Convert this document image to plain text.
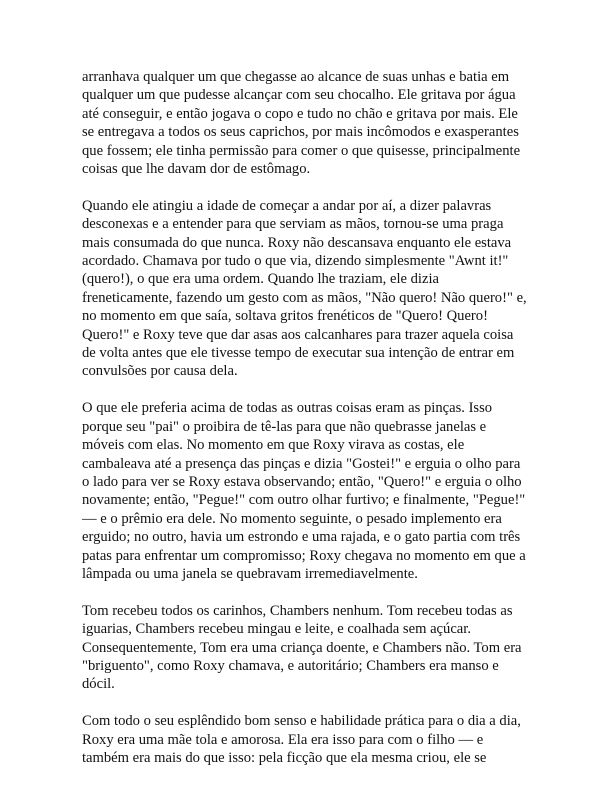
arranhava qualquer um que chegasse ao alcance de suas unhas e batia em
qualquer um que pudesse alcançar com seu chocalho. Ele gritava por água
até conseguir, e então jogava o copo e tudo no chão e gritava por mais. Ele
se entregava a todos os seus caprichos, por mais incômodos e exasperantes
que fossem; ele tinha permissão para comer o que quisesse, principalmente
coisas que lhe davam dor de estômago.

Quando ele atingiu a idade de começar a andar por aí, a dizer palavras
desconexas e a entender para que serviam as mãos, tornou-se uma praga
mais consumada do que nunca. Roxy não descansava enquanto ele estava
acordado. Chamava por tudo o que via, dizendo simplesmente "Awnt it!"
(quero!), o que era uma ordem. Quando lhe traziam, ele dizia
freneticamente, fazendo um gesto com as mãos, "Não quero! Não quero!" e,
no momento em que saía, soltava gritos frenéticos de "Quero! Quero!
Quero!" e Roxy teve que dar asas aos calcanhares para trazer aquela coisa
de volta antes que ele tivesse tempo de executar sua intenção de entrar em
convulsões por causa dela.

O que ele preferia acima de todas as outras coisas eram as pinças. Isso
porque seu "pai" o proibira de tê-las para que não quebrasse janelas e
móveis com elas. No momento em que Roxy virava as costas, ele
cambaleava até a presença das pinças e dizia "Gostei!" e erguia o olho para
o lado para ver se Roxy estava observando; então, "Quero!" e erguia o olho
novamente; então, "Pegue!" com outro olhar furtivo; e finalmente, "Pegue!"
— e o prêmio era dele. No momento seguinte, o pesado implemento era
erguido; no outro, havia um estrondo e uma rajada, e o gato partia com três
patas para enfrentar um compromisso; Roxy chegava no momento em que a
lâmpada ou uma janela se quebravam irremediavelmente.

Tom recebeu todos os carinhos, Chambers nenhum. Tom recebeu todas as
iguarias, Chambers recebeu mingau e leite, e coalhada sem açúcar.
Consequentemente, Tom era uma criança doente, e Chambers não. Tom era
"briguento", como Roxy chamava, e autoritário; Chambers era manso e
dócil.

Com todo o seu esplêndido bom senso e habilidade prática para o dia a dia,
Roxy era uma mãe tola e amorosa. Ela era isso para com o filho — e
também era mais do que isso: pela ficção que ela mesma criou, ele se
